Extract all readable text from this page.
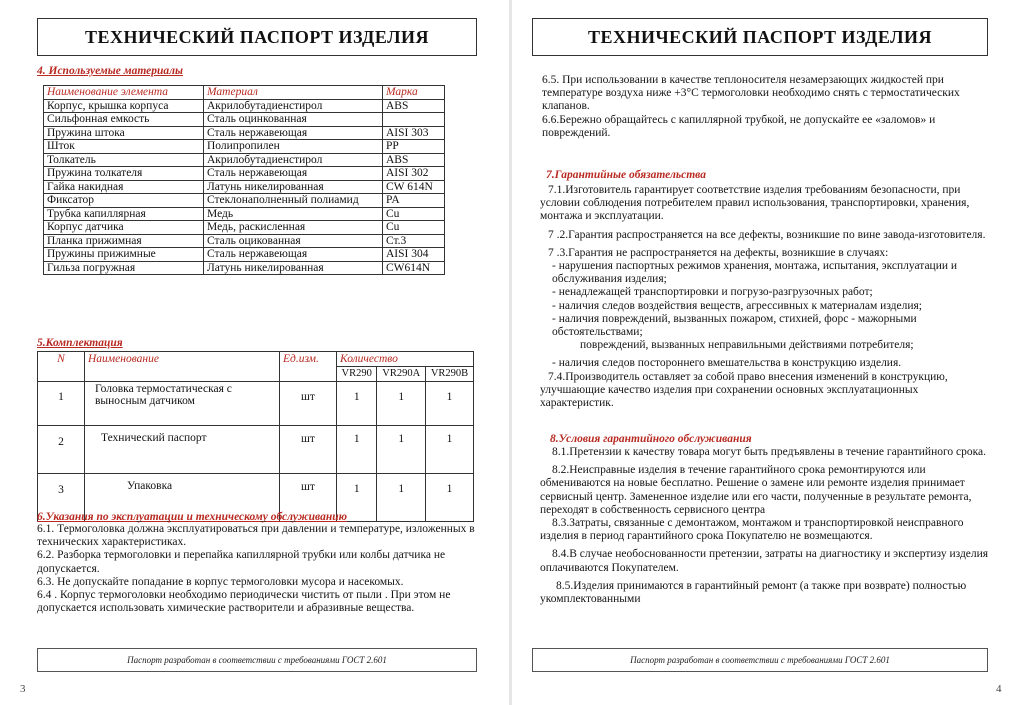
ТЕХНИЧЕСКИЙ ПАСПОРТ ИЗДЕЛИЯ
4. Используемые материалы
Наименование элемента	Материал	Марка
Корпус, крышка корпуса	Акрилобутадиенстирол	ABS
Сильфонная емкость	Сталь оцинкованная	
Пружина штока	Сталь нержавеющая	AISI 303
Шток	Полипропилен	PP
Толкатель	Акрилобутадиенстирол	ABS
Пружина толкателя	Сталь нержавеющая	AISI 302
Гайка накидная	Латунь никелированная	CW 614N
Фиксатор	Стеклонаполненный полиамид	PA
Трубка капиллярная	Медь	Cu
Корпус датчика	Медь, раскисленная	Cu
Планка прижимная	Сталь оцикованная	Ст.3
Пружины прижимные	Сталь нержавеющая	AISI 304
Гильза погружная	Латунь никелированная	CW614N
5.Комплектация
N	Наименование	Ед.изм.	Количество		
			VR290	VR290A	VR290B
1	Головка термостатическая с выносным датчиком	шт	1	1	1
2	Технический паспорт	шт	1	1	1
3	Упаковка	шт	1	1	1
6.Указания по эксплуатации и техническому обслуживанию

6.1. Термоголовка должна эксплуатироваться при давлении и температуре, изложенных в технических характеристиках.

6.2. Разборка термоголовки и перепайка капиллярной трубки или колбы датчика не допускается.

6.3. Не допускайте попадание в корпус термоголовки мусора и насекомых.

6.4 . Корпус термоголовки необходимо периодически чистить от пыли . При этом не допускается использовать химические растворители и абразивные вещества.

Паспорт разработан в соответствии с требованиями ГОСТ 2.601
3
ТЕХНИЧЕСКИЙ ПАСПОРТ ИЗДЕЛИЯ

6.5. При использовании в качестве теплоносителя незамерзающих жидкостей при температуре воздуха ниже +3°С термоголовки необходимо снять с термостатических клапанов.

6.6.Бережно обращайтесь с капиллярной трубкой, не допускайте ее «заломов» и повреждений.

7.Гарантийные обязательства

7.1.Изготовитель гарантирует соответствие изделия требованиям безопасности, при условии соблюдения потребителем правил использования, транспортировки, хранения, монтажа и эксплуатации.

7 .2.Гарантия распространяется на все дефекты, возникшие по вине завода-изготовителя.

7 .3.Гарантия не распространяется на дефекты, возникшие в случаях:

- нарушения паспортных режимов хранения, монтажа, испытания, эксплуатации и обслуживания изделия;

- ненадлежащей транспортировки и погрузо-разгрузочных работ;

- наличия следов воздействия веществ, агрессивных к материалам изделия;

- наличия повреждений, вызванных пожаром, стихией, форс - мажорными обстоятельствами;

повреждений, вызванных неправильными действиями потребителя;

- наличия следов постороннего вмешательства в конструкцию изделия.

7.4.Производитель оставляет за собой право внесения изменений в конструкцию, улучшающие качество изделия при сохранении основных эксплуатационных характеристик.

8.Условия гарантийного обслуживания

8.1.Претензии к качеству товара могут быть предъявлены в течение гарантийного срока.

8.2.Неисправные изделия в течение гарантийного срока ремонтируются или обмениваются на новые бесплатно. Решение о замене или ремонте изделия принимает сервисный центр. Замененное изделие или его части, полученные в результате ремонта, переходят в собственность сервисного центра

8.3.Затраты, связанные с демонтажом, монтажом и транспортировкой неисправного изделия в период гарантийного срока Покупателю не возмещаются.

8.4.В случае необоснованности претензии, затраты на диагностику и экспертизу изделия оплачиваются Покупателем.

8.5.Изделия принимаются в гарантийный ремонт (а также при возврате) полностью укомплектованными

Паспорт разработан в соответствии с требованиями ГОСТ 2.601
4
